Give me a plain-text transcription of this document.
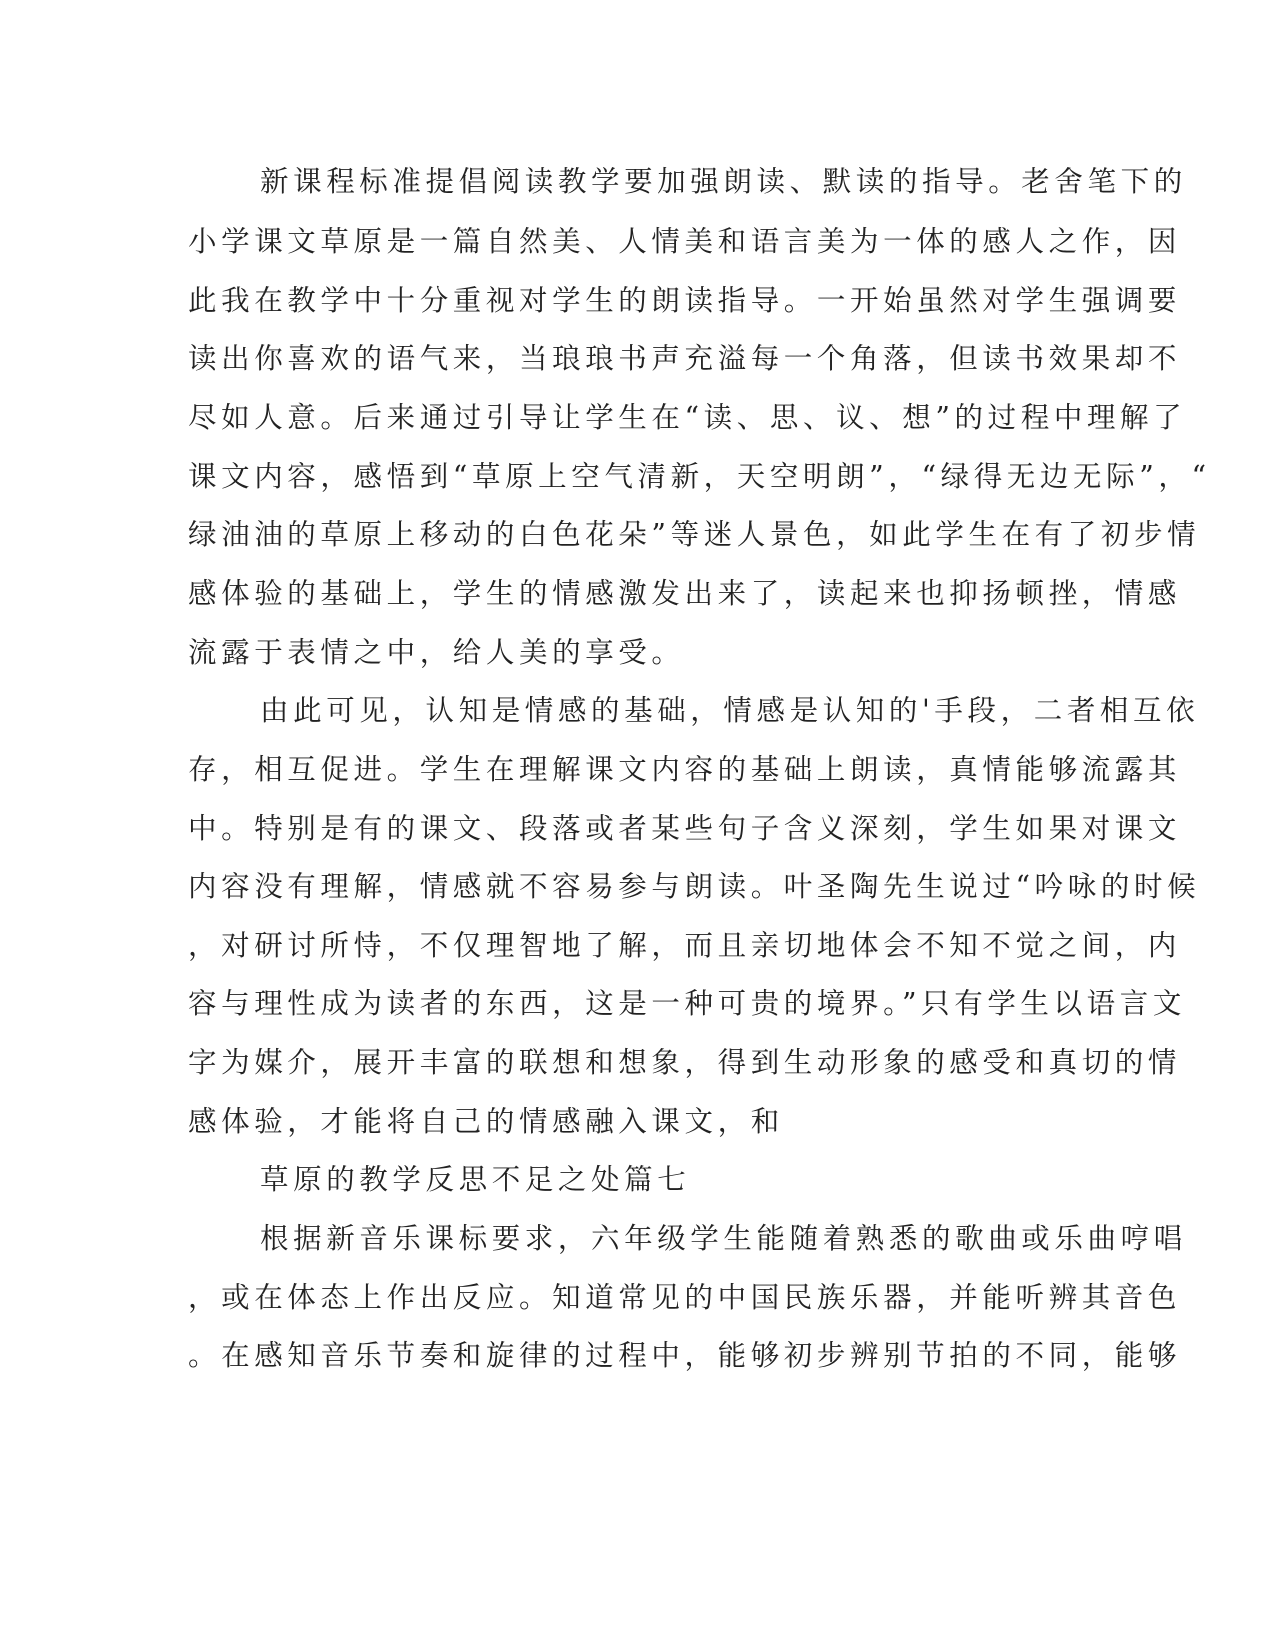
新课程标准提倡阅读教学要加强朗读、默读的指导。老舍笔下的
小学课文草原是一篇自然美、人情美和语言美为一体的感人之作，因
此我在教学中十分重视对学生的朗读指导。一开始虽然对学生强调要
读出你喜欢的语气来，当琅琅书声充溢每一个角落，但读书效果却不
尽如人意。后来通过引导让学生在“读、思、议、想”的过程中理解了
课文内容，感悟到“草原上空气清新，天空明朗”，“绿得无边无际”，“
绿油油的草原上移动的白色花朵”等迷人景色，如此学生在有了初步情
感体验的基础上，学生的情感激发出来了，读起来也抑扬顿挫，情感
流露于表情之中，给人美的享受。
由此可见，认知是情感的基础，情感是认知的'手段，二者相互依
存，相互促进。学生在理解课文内容的基础上朗读，真情能够流露其
中。特别是有的课文、段落或者某些句子含义深刻，学生如果对课文
内容没有理解，情感就不容易参与朗读。叶圣陶先生说过“吟咏的时候
，对研讨所恃，不仅理智地了解，而且亲切地体会不知不觉之间，内
容与理性成为读者的东西，这是一种可贵的境界。”只有学生以语言文
字为媒介，展开丰富的联想和想象，得到生动形象的感受和真切的情
感体验，才能将自己的情感融入课文，和
草原的教学反思不足之处篇七
根据新音乐课标要求，六年级学生能随着熟悉的歌曲或乐曲哼唱
，或在体态上作出反应。知道常见的中国民族乐器，并能听辨其音色
。在感知音乐节奏和旋律的过程中，能够初步辨别节拍的不同，能够
